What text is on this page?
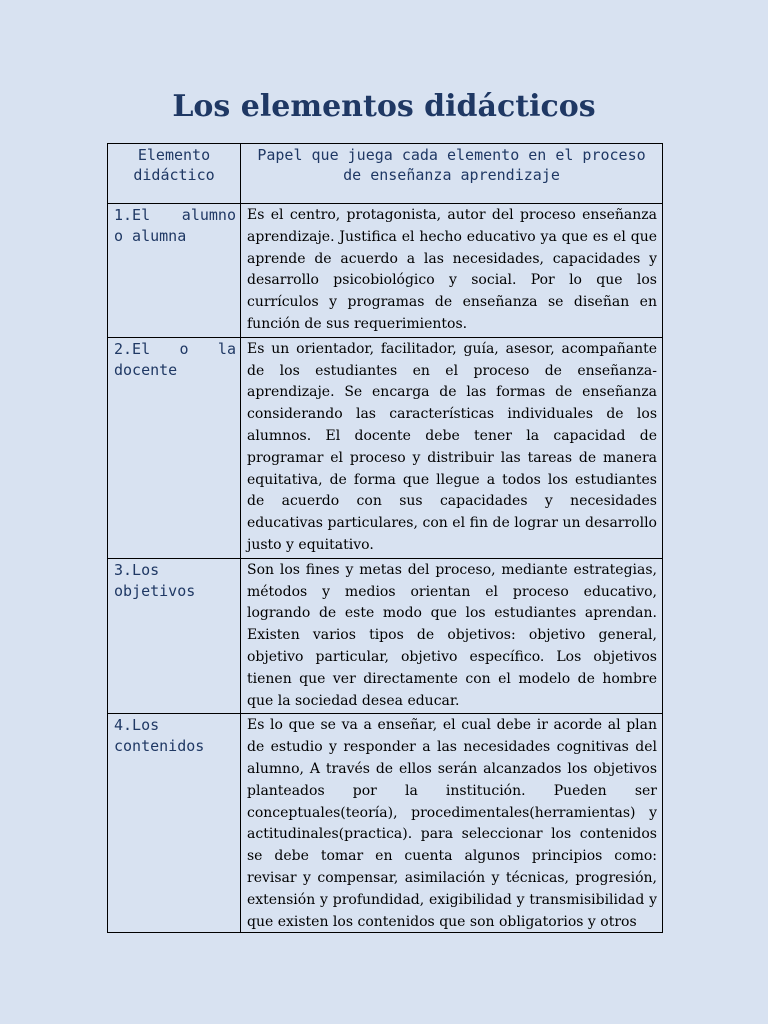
Los elementos didácticos
Elemento didáctico	Papel que juega cada elemento en el proceso de enseñanza aprendizaje

1.El alumno
o alumna	Es el centro, protagonista, autor del proceso enseñanza aprendizaje. Justifica el hecho educativo ya que es el que aprende de acuerdo a las necesidades, capacidades y desarrollo psicobiológico y social. Por lo que los currículos y programas de enseñanza se diseñan en función de sus requerimientos.

2.El o la
docente	Es un orientador, facilitador, guía, asesor, acompañante de los estudiantes en el proceso de enseñanza-aprendizaje. Se encarga de las formas de enseñanza considerando las características individuales de los alumnos. El docente debe tener la capacidad de programar el proceso y distribuir las tareas de manera equitativa, de forma que llegue a todos los estudiantes de acuerdo con sus capacidades y necesidades educativas particulares, con el fin de lograr un desarrollo justo y equitativo.

3.Los
objetivos	Son los fines y metas del proceso, mediante estrategias, métodos y medios orientan el proceso educativo, logrando de este modo que los estudiantes aprendan. Existen varios tipos de objetivos: objetivo general, objetivo particular, objetivo específico. Los objetivos tienen que ver directamente con el modelo de hombre que la sociedad desea educar.

4.Los
contenidos	Es lo que se va a enseñar, el cual debe ir acorde al plan de estudio y responder a las necesidades cognitivas del alumno, A través de ellos serán alcanzados los objetivos planteados por la institución. Pueden ser conceptuales(teoría), procedimentales(herramientas) y actitudinales(practica). para seleccionar los contenidos se debe tomar en cuenta algunos principios como: revisar y compensar, asimilación y técnicas, progresión, extensión y profundidad, exigibilidad y transmisibilidad y que existen los contenidos que son obligatorios y otros
